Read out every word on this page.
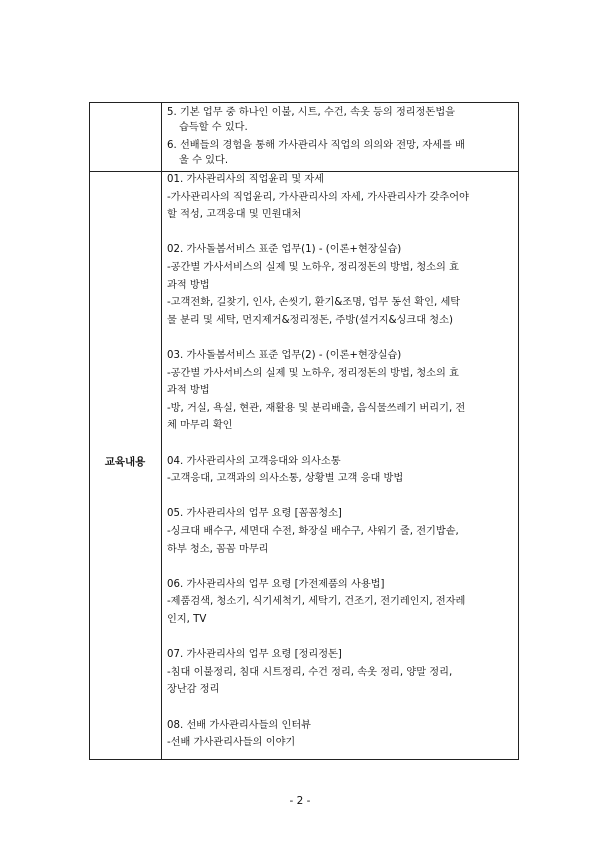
교육내용
5. 기본 업무 중 하나인 이불, 시트, 수건, 속옷 등의 정리정돈법을
습득할 수 있다.
6. 선배들의 경험을 통해 가사관리사 직업의 의의와 전망, 자세를 배
울 수 있다.
01. 가사관리사의 직업윤리 및 자세
-가사관리사의 직업윤리, 가사관리사의 자세, 가사관리사가 갖추어야
할 적성, 고객응대 및 민원대처
02. 가사돌봄서비스 표준 업무(1) - (이론+현장실습)
-공간별 가사서비스의 실제 및 노하우, 정리정돈의 방법, 청소의 효
과적 방법
-고객전화, 길찾기, 인사, 손씻기, 환기&조명, 업무 동선 확인, 세탁
물 분리 및 세탁, 먼지제거&정리정돈, 주방(설거지&싱크대 청소)
03. 가사돌봄서비스 표준 업무(2) - (이론+현장실습)
-공간별 가사서비스의 실제 및 노하우, 정리정돈의 방법, 청소의 효
과적 방법
-방, 거실, 욕실, 현관, 재활용 및 분리배출, 음식물쓰레기 버리기, 전
체 마무리 확인
04. 가사관리사의 고객응대와 의사소통
-고객응대, 고객과의 의사소통, 상황별 고객 응대 방법
05. 가사관리사의 업무 요령 [꼼꼼청소]
-싱크대 배수구, 세면대 수전, 화장실 배수구, 샤워기 줄, 전기밥솥,
하부 청소, 꼼꼼 마무리
06. 가사관리사의 업무 요령 [가전제품의 사용법]
-제품검색, 청소기, 식기세척기, 세탁기, 건조기, 전기레인지, 전자레
인지, TV
07. 가사관리사의 업무 요령 [정리정돈]
-침대 이불정리, 침대 시트정리, 수건 정리, 속옷 정리, 양말 정리,
장난감 정리
08. 선배 가사관리사들의 인터뷰
-선배 가사관리사들의 이야기
- 2 -
